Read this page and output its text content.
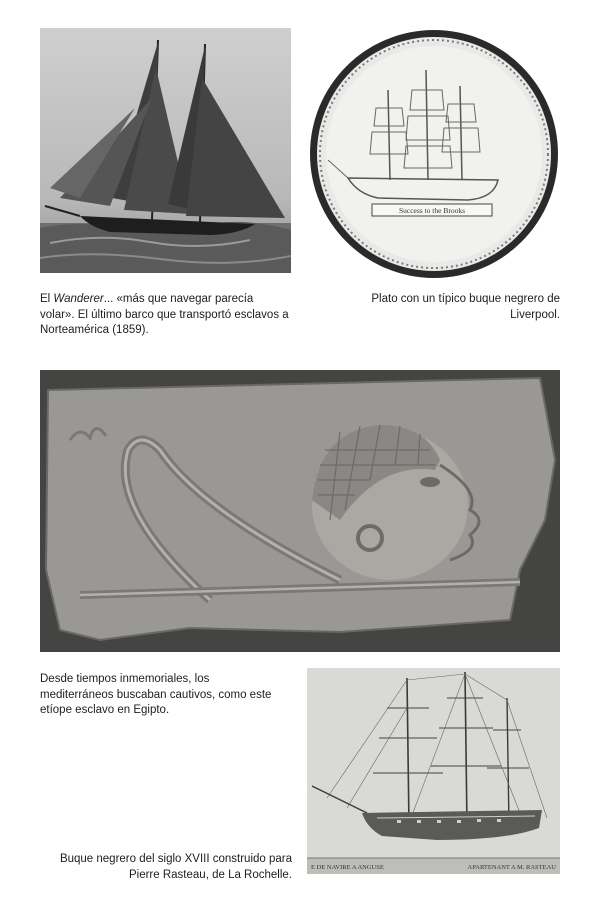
El Wanderer... «más que navegar parecía volar». El último barco que transportó esclavos a Norteamérica (1859).
Success to the Brooks
Plato con un típico buque negrero de Liverpool.
Desde tiempos inmemoriales, los mediterráneos buscaban cautivos, como este etíope esclavo en Egipto.
E DE NAVIRE A ANGUSE	APARTENANT A M. RASTEAU
Buque negrero del siglo XVIII construido para Pierre Rasteau, de La Rochelle.
